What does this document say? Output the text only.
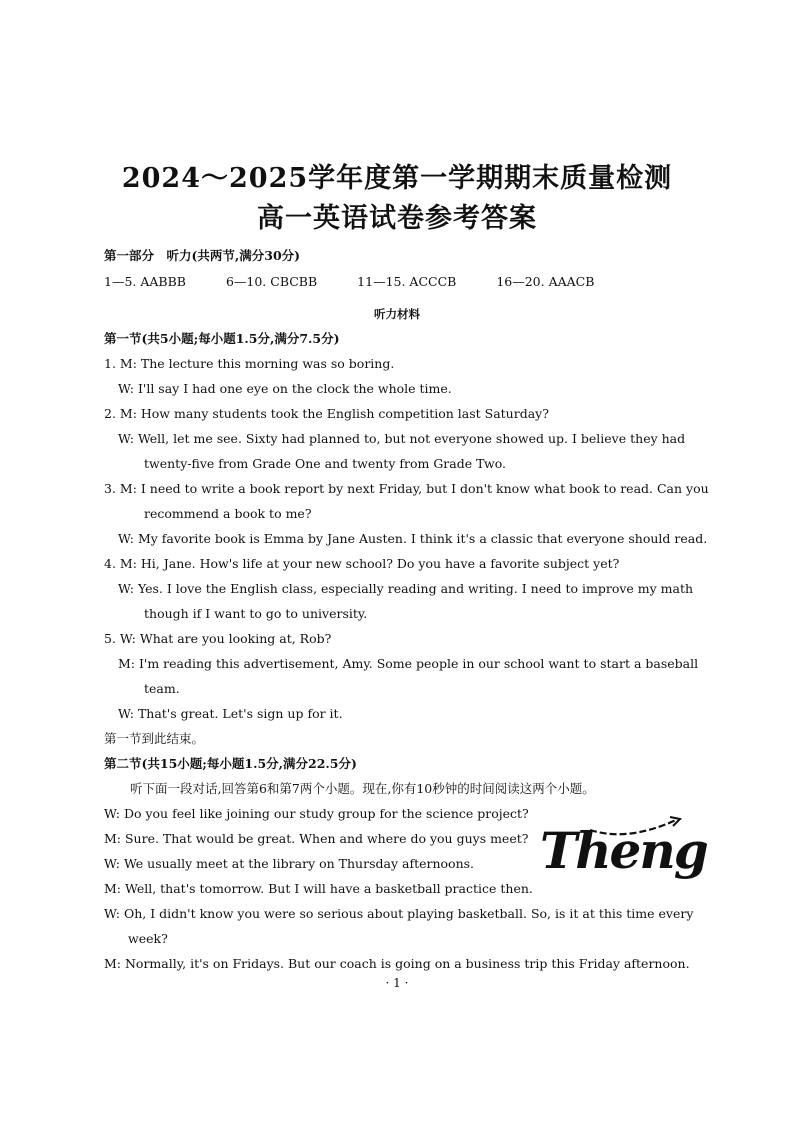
2024～2025学年度第一学期期末质量检测
高一英语试卷参考答案
第一部分　听力(共两节,满分30分)
1—5. AABBB	6—10. CBCBB	11—15. ACCCB	16—20. AAACB
听力材料
第一节(共5小题;每小题1.5分,满分7.5分)
1. M: The lecture this morning was so boring.
W: I'll say I had one eye on the clock the whole time.
2. M: How many students took the English competition last Saturday?
W: Well, let me see. Sixty had planned to, but not everyone showed up. I believe they had
twenty-five from Grade One and twenty from Grade Two.
3. M: I need to write a book report by next Friday, but I don't know what book to read. Can you
recommend a book to me?
W: My favorite book is Emma by Jane Austen. I think it's a classic that everyone should read.
4. M: Hi, Jane. How's life at your new school? Do you have a favorite subject yet?
W: Yes. I love the English class, especially reading and writing. I need to improve my math
though if I want to go to university.
5. W: What are you looking at, Rob?
M: I'm reading this advertisement, Amy. Some people in our school want to start a baseball
team.
W: That's great. Let's sign up for it.
第一节到此结束。
第二节(共15小题;每小题1.5分,满分22.5分)
听下面一段对话,回答第6和第7两个小题。现在,你有10秒钟的时间阅读这两个小题。
W: Do you feel like joining our study group for the science project?
M: Sure. That would be great. When and where do you guys meet?
W: We usually meet at the library on Thursday afternoons.
M: Well, that's tomorrow. But I will have a basketball practice then.
W: Oh, I didn't know you were so serious about playing basketball. So, is it at this time every
week?
M: Normally, it's on Fridays. But our coach is going on a business trip this Friday afternoon.
Theng
· 1 ·
